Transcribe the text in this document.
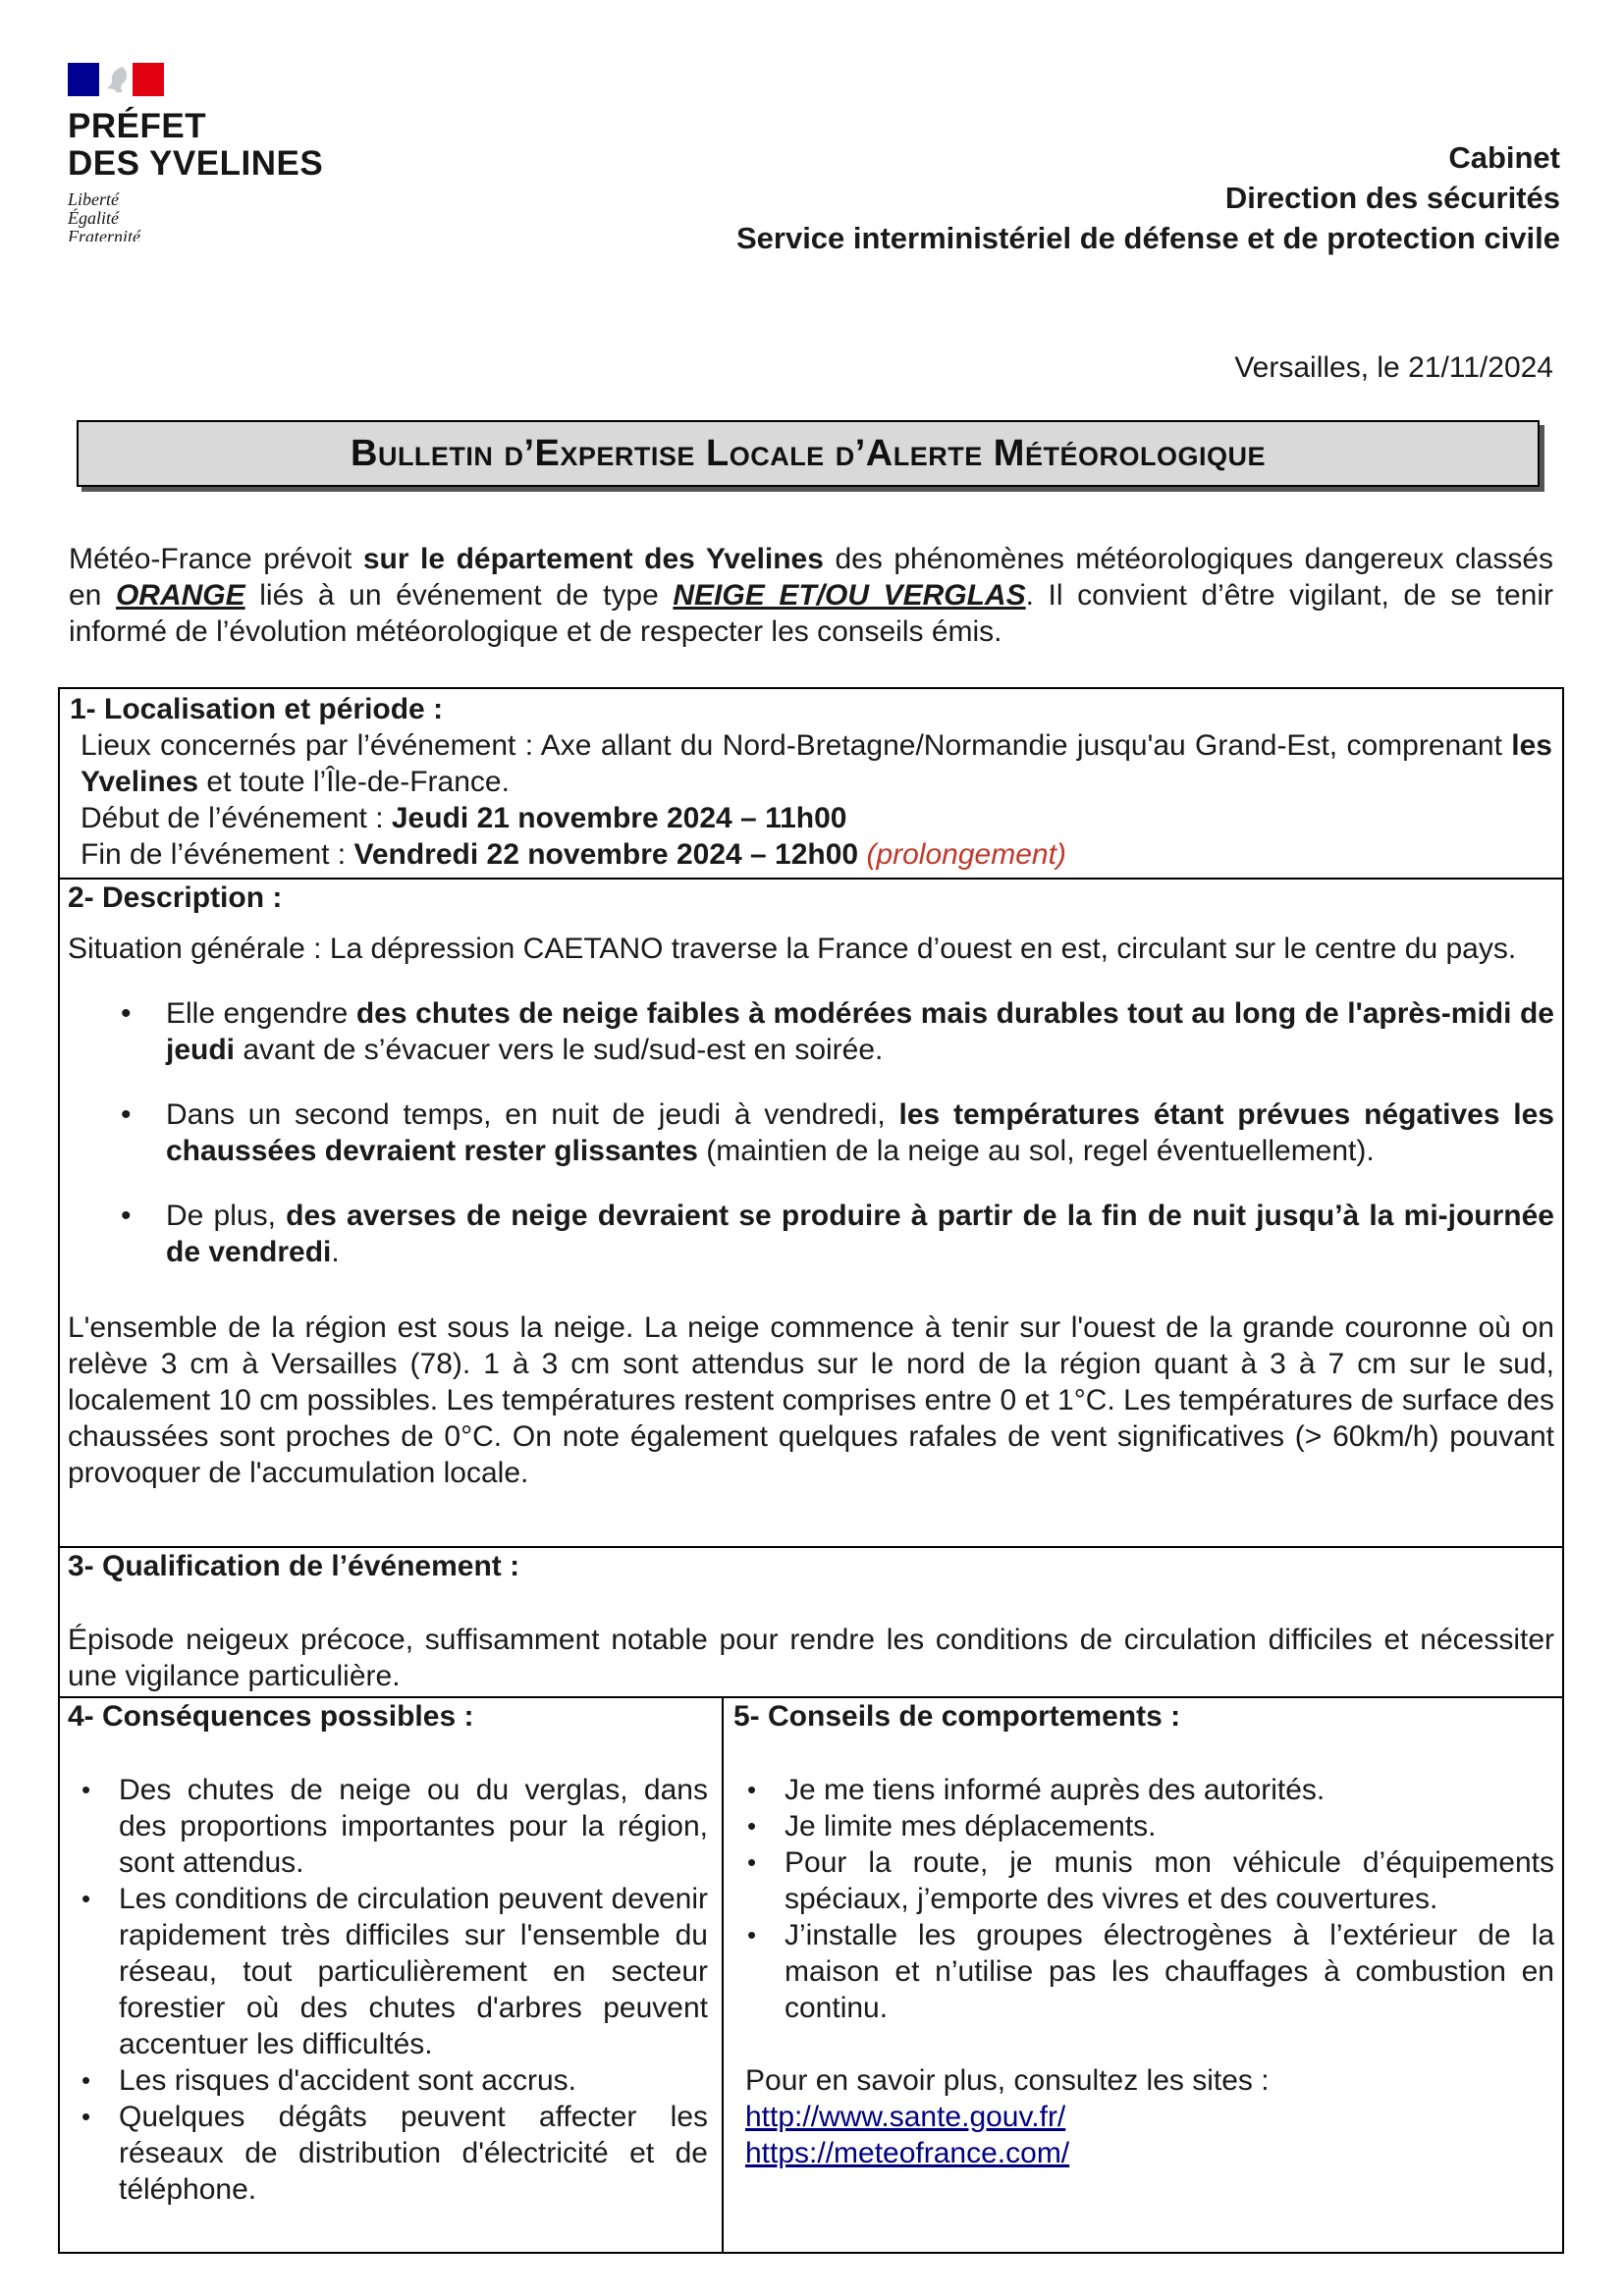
PRÉFET
DES YVELINES
Liberté
Égalité
Fraternité
Cabinet
Direction des sécurités
Service interministériel de défense et de protection civile
Versailles, le 21/11/2024
Bulletin d’Expertise Locale d’Alerte Météorologique
Météo-France prévoit sur le département des Yvelines des phénomènes météorologiques dangereux classés en ORANGE liés à un événement de type NEIGE ET/OU VERGLAS. Il convient d’être vigilant, de se tenir informé de l’évolution météorologique et de respecter les conseils émis.
1- Localisation et période :
Lieux concernés par l’événement : Axe allant du Nord-Bretagne/Normandie jusqu'au Grand-Est, comprenant les Yvelines et toute l’Île-de-France.
Début de l’événement : Jeudi 21 novembre 2024 – 11h00
Fin de l’événement : Vendredi 22 novembre 2024 – 12h00 (prolongement)
2- Description :
Situation générale : La dépression CAETANO traverse la France d’ouest en est, circulant sur le centre du pays.
• Elle engendre des chutes de neige faibles à modérées mais durables tout au long de l'après-midi de jeudi avant de s’évacuer vers le sud/sud-est en soirée.
• Dans un second temps, en nuit de jeudi à vendredi, les températures étant prévues négatives les chaussées devraient rester glissantes (maintien de la neige au sol, regel éventuellement).
• De plus, des averses de neige devraient se produire à partir de la fin de nuit jusqu’à la mi-journée de vendredi.
L'ensemble de la région est sous la neige. La neige commence à tenir sur l'ouest de la grande couronne où on relève 3 cm à Versailles (78). 1 à 3 cm sont attendus sur le nord de la région quant à 3 à 7 cm sur le sud, localement 10 cm possibles. Les températures restent comprises entre 0 et 1°C. Les températures de surface des chaussées sont proches de 0°C. On note également quelques rafales de vent significatives (> 60km/h) pouvant provoquer de l'accumulation locale.
3- Qualification de l’événement :
Épisode neigeux précoce, suffisamment notable pour rendre les conditions de circulation difficiles et nécessiter une vigilance particulière.
4- Conséquences possibles :
• Des chutes de neige ou du verglas, dans des proportions importantes pour la région, sont attendus.
• Les conditions de circulation peuvent devenir rapidement très difficiles sur l'ensemble du réseau, tout particulièrement en secteur forestier où des chutes d'arbres peuvent accentuer les difficultés.
• Les risques d'accident sont accrus.
• Quelques dégâts peuvent affecter les réseaux de distribution d'électricité et de téléphone.
5- Conseils de comportements :
• Je me tiens informé auprès des autorités.
• Je limite mes déplacements.
• Pour la route, je munis mon véhicule d’équipements spéciaux, j’emporte des vivres et des couvertures.
• J’installe les groupes électrogènes à l’extérieur de la maison et n’utilise pas les chauffages à combustion en continu.
Pour en savoir plus, consultez les sites :
http://www.sante.gouv.fr/
https://meteofrance.com/
